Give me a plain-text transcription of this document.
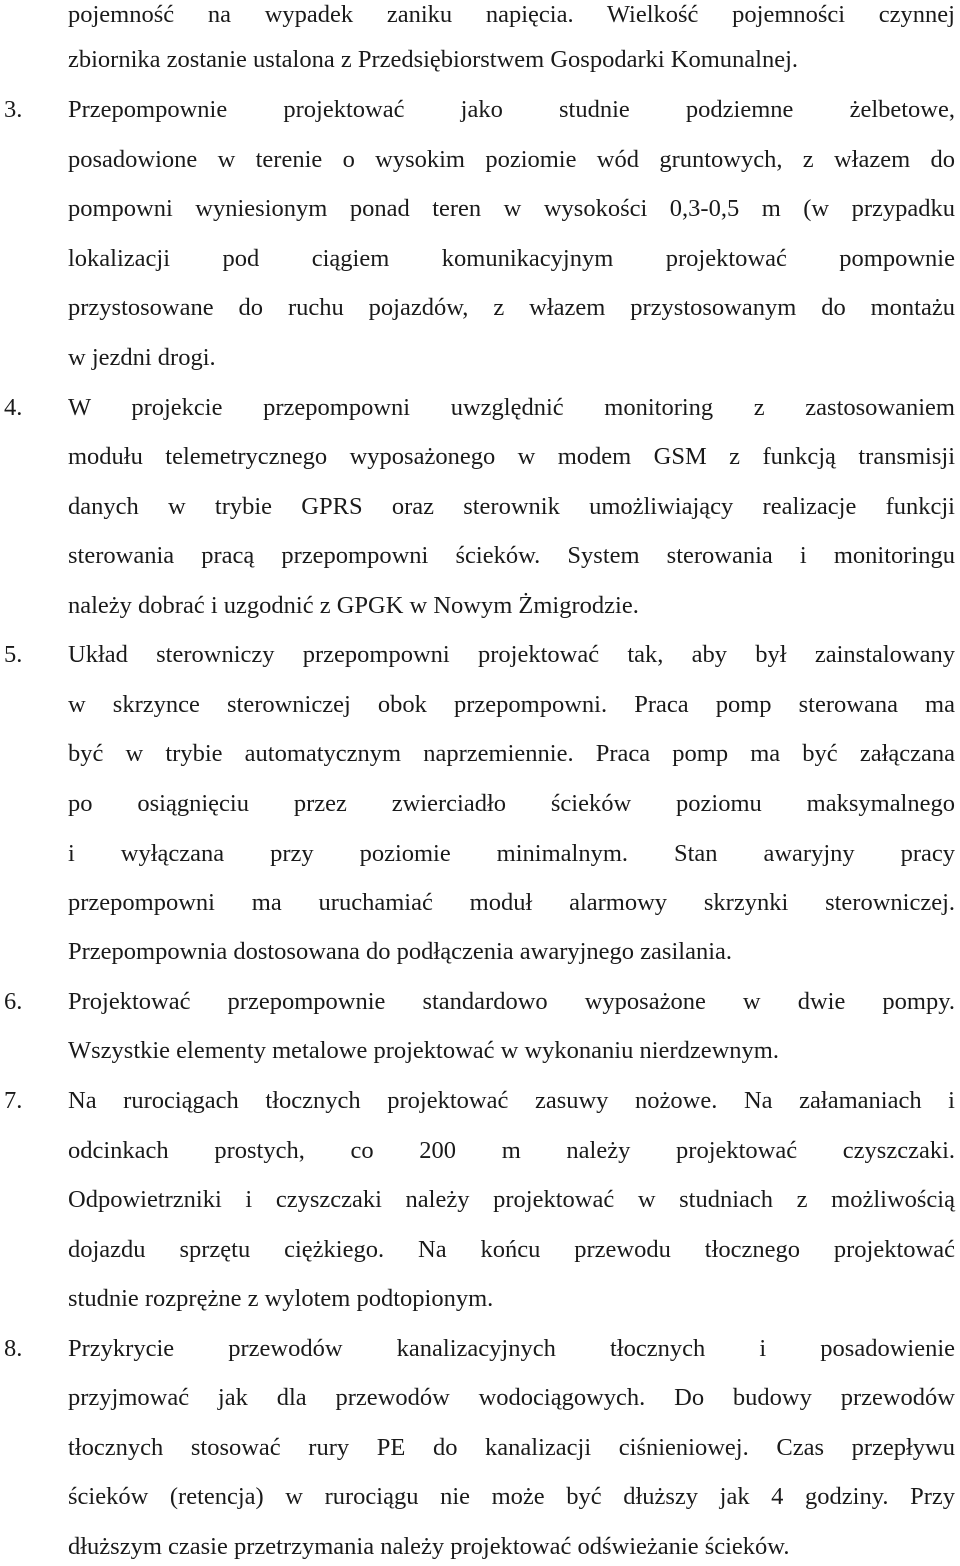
pojemność na wypadek zaniku napięcia. Wielkość pojemności czynnej
zbiornika zostanie ustalona z Przedsiębiorstwem Gospodarki Komunalnej.
3.	Przepompownie projektować jako studnie podziemne żelbetowe,
posadowione w terenie o wysokim poziomie wód gruntowych, z włazem do
pompowni wyniesionym ponad teren w wysokości 0,3-0,5 m (w przypadku
lokalizacji pod ciągiem komunikacyjnym projektować pompownie
przystosowane do ruchu pojazdów, z włazem przystosowanym do montażu
w jezdni drogi.
4.	W projekcie przepompowni uwzględnić monitoring z zastosowaniem
modułu telemetrycznego wyposażonego w modem GSM z funkcją transmisji
danych w trybie GPRS oraz sterownik umożliwiający realizacje funkcji
sterowania pracą przepompowni ścieków. System sterowania i monitoringu
należy dobrać i uzgodnić z GPGK w Nowym Żmigrodzie.
5.	Układ sterowniczy przepompowni projektować tak, aby był zainstalowany
w skrzynce sterowniczej obok przepompowni. Praca pomp sterowana ma
być w trybie automatycznym naprzemiennie. Praca pomp ma być załączana
po osiągnięciu przez zwierciadło ścieków poziomu maksymalnego
i wyłączana przy poziomie minimalnym. Stan awaryjny pracy
przepompowni ma uruchamiać moduł alarmowy skrzynki sterowniczej.
Przepompownia dostosowana do podłączenia awaryjnego zasilania.
6.	Projektować przepompownie standardowo wyposażone w dwie pompy.
Wszystkie elementy metalowe projektować w wykonaniu nierdzewnym.
7.	Na rurociągach tłocznych projektować zasuwy nożowe. Na załamaniach i
odcinkach prostych, co 200 m należy projektować czyszczaki.
Odpowietrzniki i czyszczaki należy projektować w studniach z możliwością
dojazdu sprzętu ciężkiego. Na końcu przewodu tłocznego projektować
studnie rozprężne z wylotem podtopionym.
8.	Przykrycie przewodów kanalizacyjnych tłocznych i posadowienie
przyjmować jak dla przewodów wodociągowych. Do budowy przewodów
tłocznych stosować rury PE do kanalizacji ciśnieniowej. Czas przepływu
ścieków (retencja) w rurociągu nie może być dłuższy jak 4 godziny. Przy
dłuższym czasie przetrzymania należy projektować odświeżanie ścieków.
